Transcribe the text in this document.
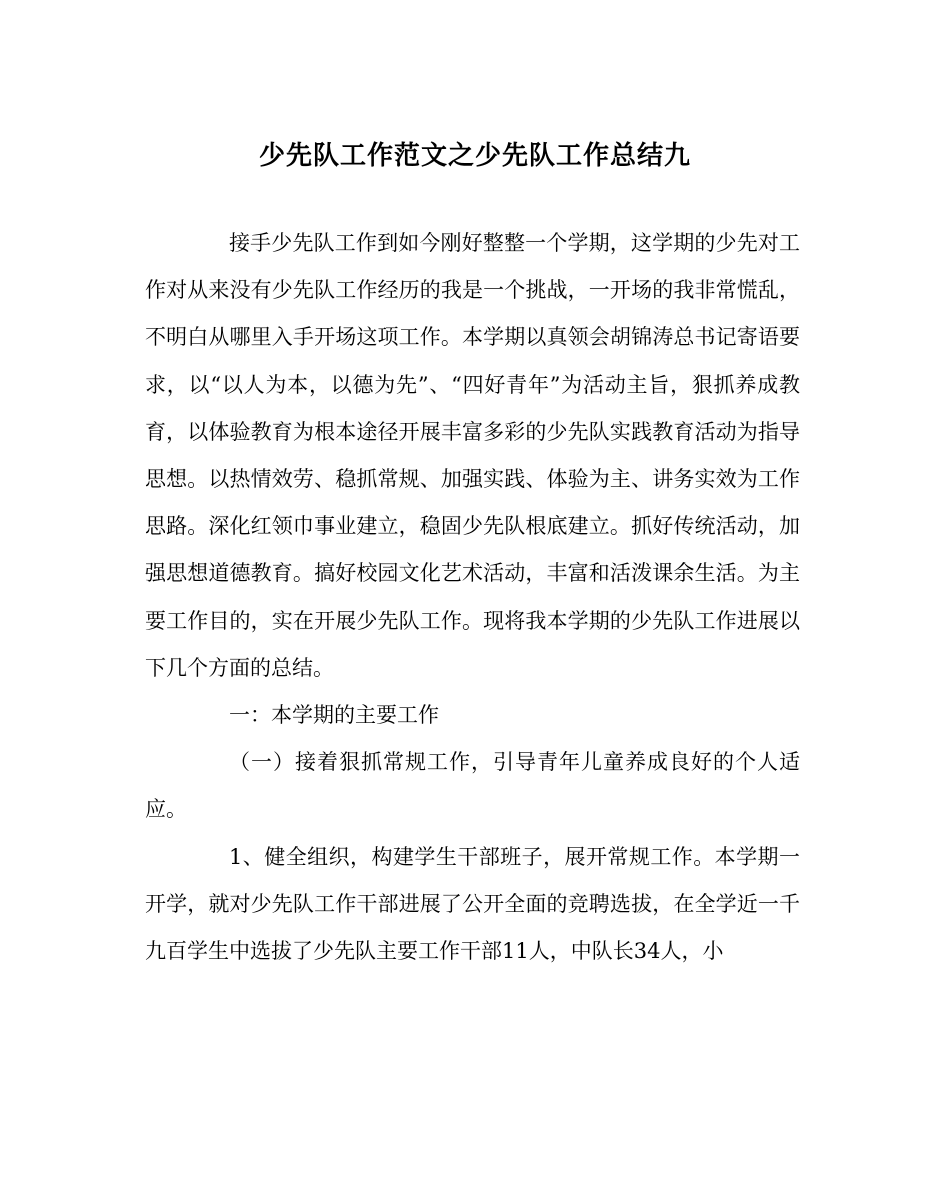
少先队工作范文之少先队工作总结九

接手少先队工作到如今刚好整整一个学期，这学期的少先对工作对从来没有少先队工作经历的我是一个挑战，一开场的我非常慌乱，不明白从哪里入手开场这项工作。本学期以真领会胡锦涛总书记寄语要求，以“以人为本，以德为先”、“四好青年”为活动主旨，狠抓养成教育，以体验教育为根本途径开展丰富多彩的少先队实践教育活动为指导思想。以热情效劳、稳抓常规、加强实践、体验为主、讲务实效为工作思路。深化红领巾事业建立，稳固少先队根底建立。抓好传统活动，加强思想道德教育。搞好校园文化艺术活动，丰富和活泼课余生活。为主要工作目的，实在开展少先队工作。现将我本学期的少先队工作进展以下几个方面的总结。

一：本学期的主要工作

（一）接着狠抓常规工作，引导青年儿童养成良好的个人适应。

1、健全组织，构建学生干部班子，展开常规工作。本学期一开学，就对少先队工作干部进展了公开全面的竞聘选拔，在全学近一千九百学生中选拔了少先队主要工作干部11人，中队长34人，小
